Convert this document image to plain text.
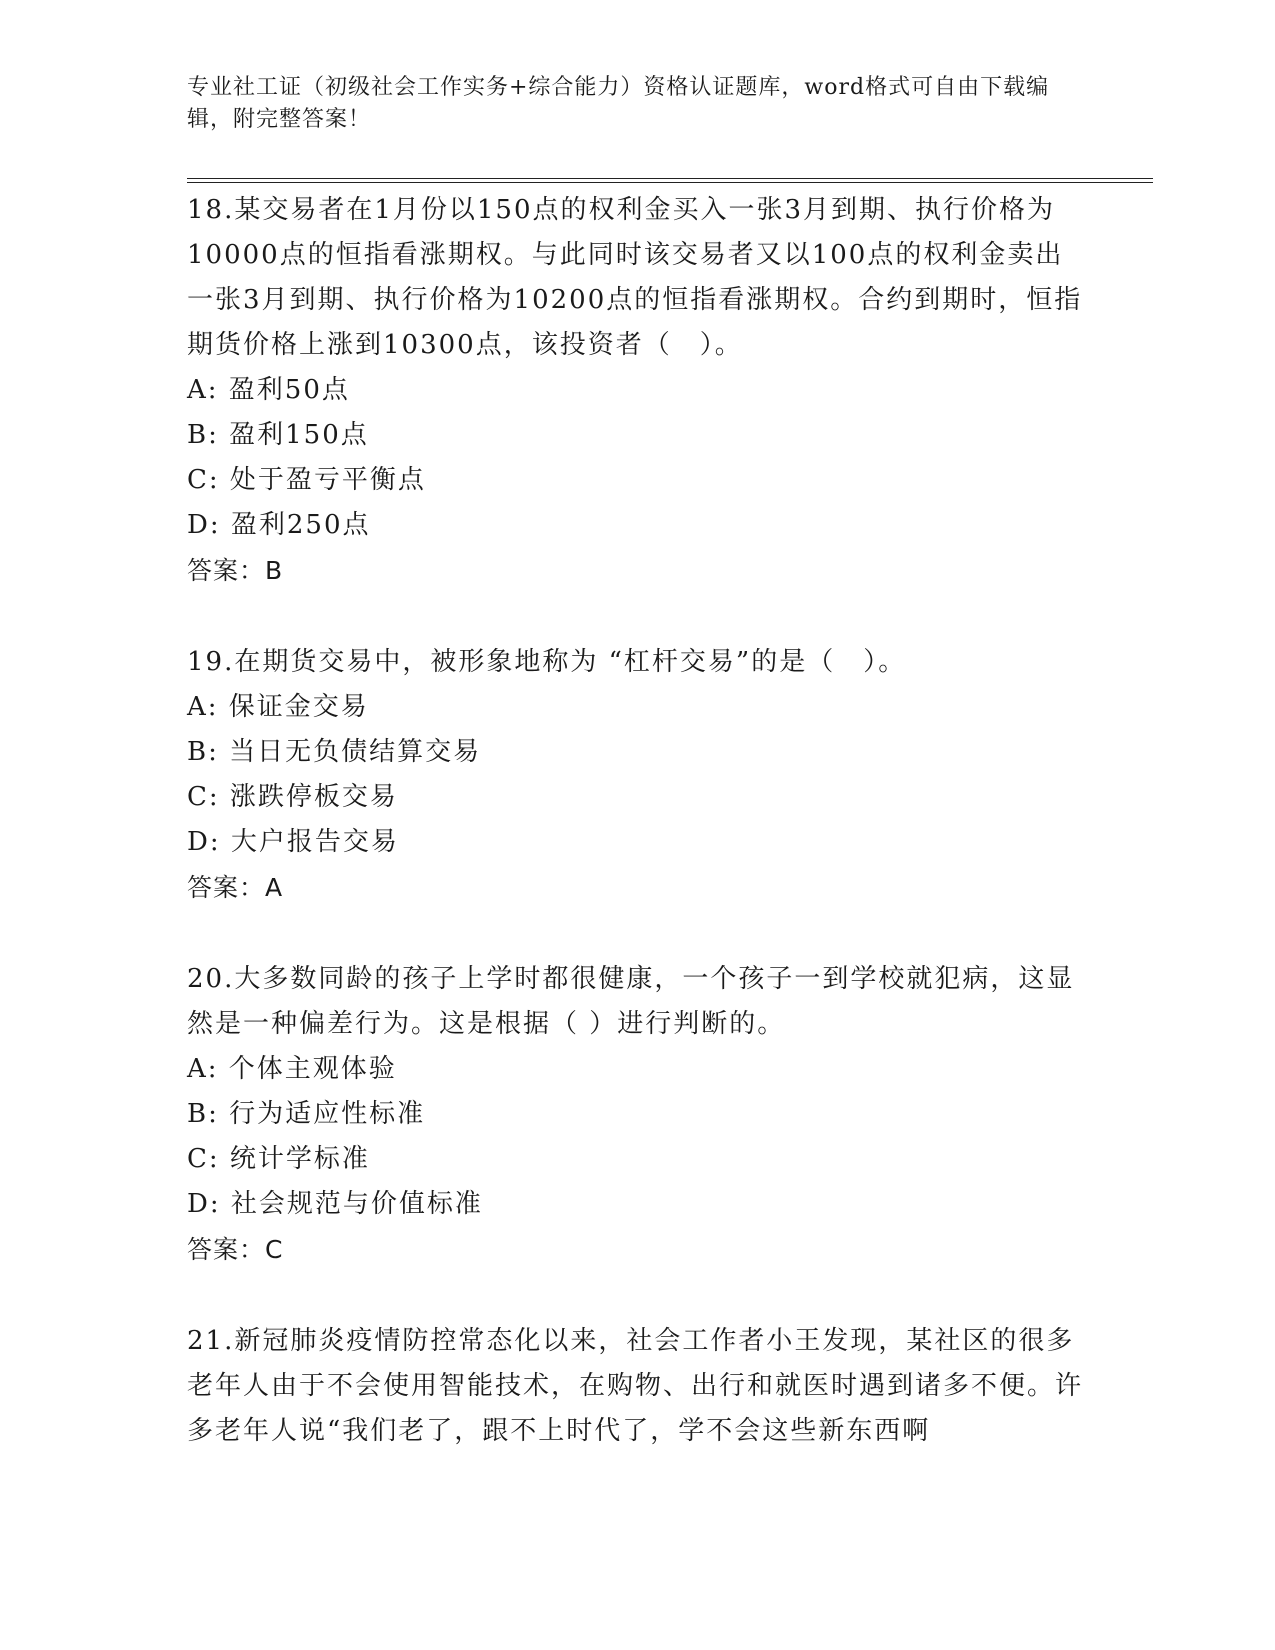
专业社工证（初级社会工作实务+综合能力）资格认证题库，word格式可自由下载编辑，附完整答案！

18.某交易者在1月份以150点的权利金买入一张3月到期、执行价格为10000点的恒指看涨期权。与此同时该交易者又以100点的权利金卖出一张3月到期、执行价格为10200点的恒指看涨期权。合约到期时，恒指期货价格上涨到10300点，该投资者（　）。

A: 盈利50点

B: 盈利150点

C: 处于盈亏平衡点

D: 盈利250点

答案：B

19.在期货交易中，被形象地称为 “杠杆交易”的是（　）。

A: 保证金交易

B: 当日无负债结算交易

C: 涨跌停板交易

D: 大户报告交易

答案：A

20.大多数同龄的孩子上学时都很健康，一个孩子一到学校就犯病，这显然是一种偏差行为。这是根据（ ）进行判断的。

A: 个体主观体验

B: 行为适应性标准

C: 统计学标准

D: 社会规范与价值标准

答案：C

21.新冠肺炎疫情防控常态化以来，社会工作者小王发现，某社区的很多老年人由于不会使用智能技术，在购物、出行和就医时遇到诸多不便。许多老年人说“我们老了，跟不上时代了，学不会这些新东西啊
